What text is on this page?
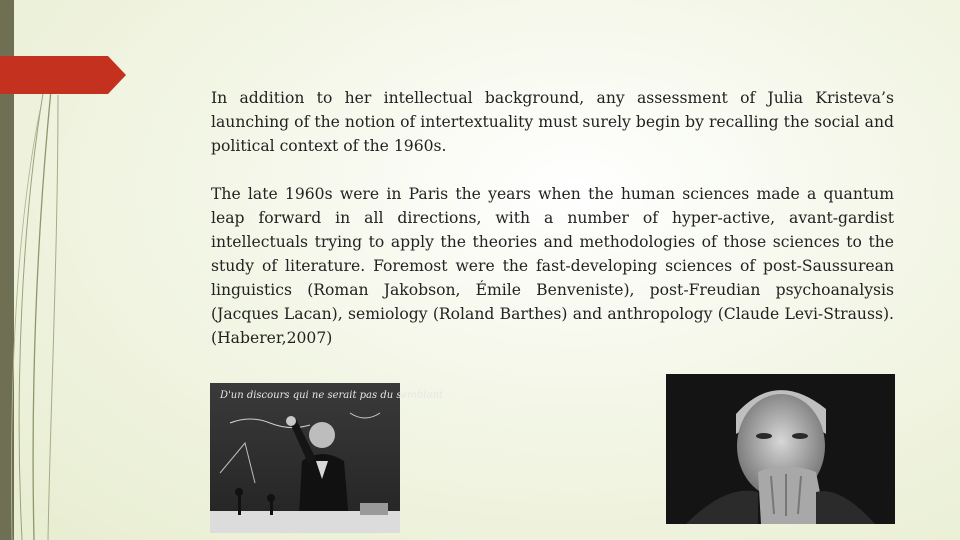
In addition to her intellectual background, any assessment of Julia Kristeva’s launching of the notion of intertextuality must surely begin by recalling the social and political context of the 1960s.

The late 1960s were in Paris the years when the human sciences made a quantum leap forward in all directions, with a number of hyper-active, avant-gardist intellectuals trying to apply the theories and methodologies of those sciences to the study of literature. Foremost were the fast-developing sciences of post-Saussurean linguistics (Roman Jakobson, Émile Benveniste), post-Freudian psychoanalysis (Jacques Lacan), semiology (Roland Barthes) and anthropology (Claude Levi-Strauss). (Haberer,2007)

D'un discours qui ne serait pas du semblant
